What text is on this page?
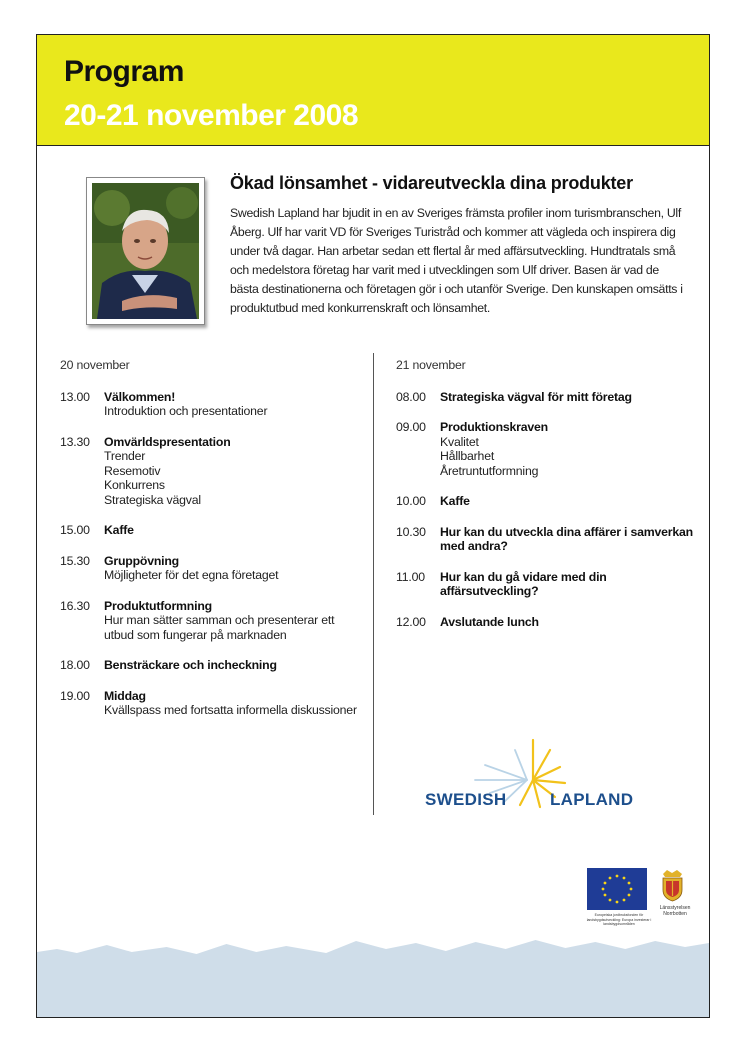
Program
20-21 november 2008
Ökad lönsamhet - vidareutveckla dina produkter
Swedish Lapland har bjudit in en av Sveriges främsta profiler inom turismbranschen, Ulf Åberg. Ulf har varit VD för Sveriges Turistråd och kommer att vägleda och inspirera dig under två dagar. Han arbetar sedan ett flertal år med affärsutveckling. Hundtratals små och medelstora företag har varit med i utvecklingen som Ulf driver. Basen är vad de bästa destinationerna och företagen gör i och utanför Sverige. Den kunskapen omsätts i produktutbud med konkurrenskraft och lönsamhet.
20 november
13.00	Välkommen!
Introduktion och presentationer
13.30	Omvärldspresentation
Trender
Resemotiv
Konkurrens
Strategiska vägval
15.00	Kaffe
15.30	Gruppövning
Möjligheter för det egna företaget
16.30	Produktutformning
Hur man sätter samman och presenterar ett
utbud som fungerar på marknaden
18.00	Bensträckare och incheckning
19.00	Middag
Kvällspass med fortsatta informella diskussioner
21 november
08.00	Strategiska vägval för mitt företag
09.00	Produktionskraven
Kvalitet
Hållbarhet
Åretruntutformning
10.00	Kaffe
10.30	Hur kan du utveckla dina affärer i samverkan med andra?
11.00	Hur kan du gå vidare med din affärsutveckling?
12.00	Avslutande lunch
SWEDISH	LAPLAND
Europeiska jordbruksfonden för landsbygdsutveckling: Europa investerar i landsbygdsområden
Länsstyrelsen Norrbotten
